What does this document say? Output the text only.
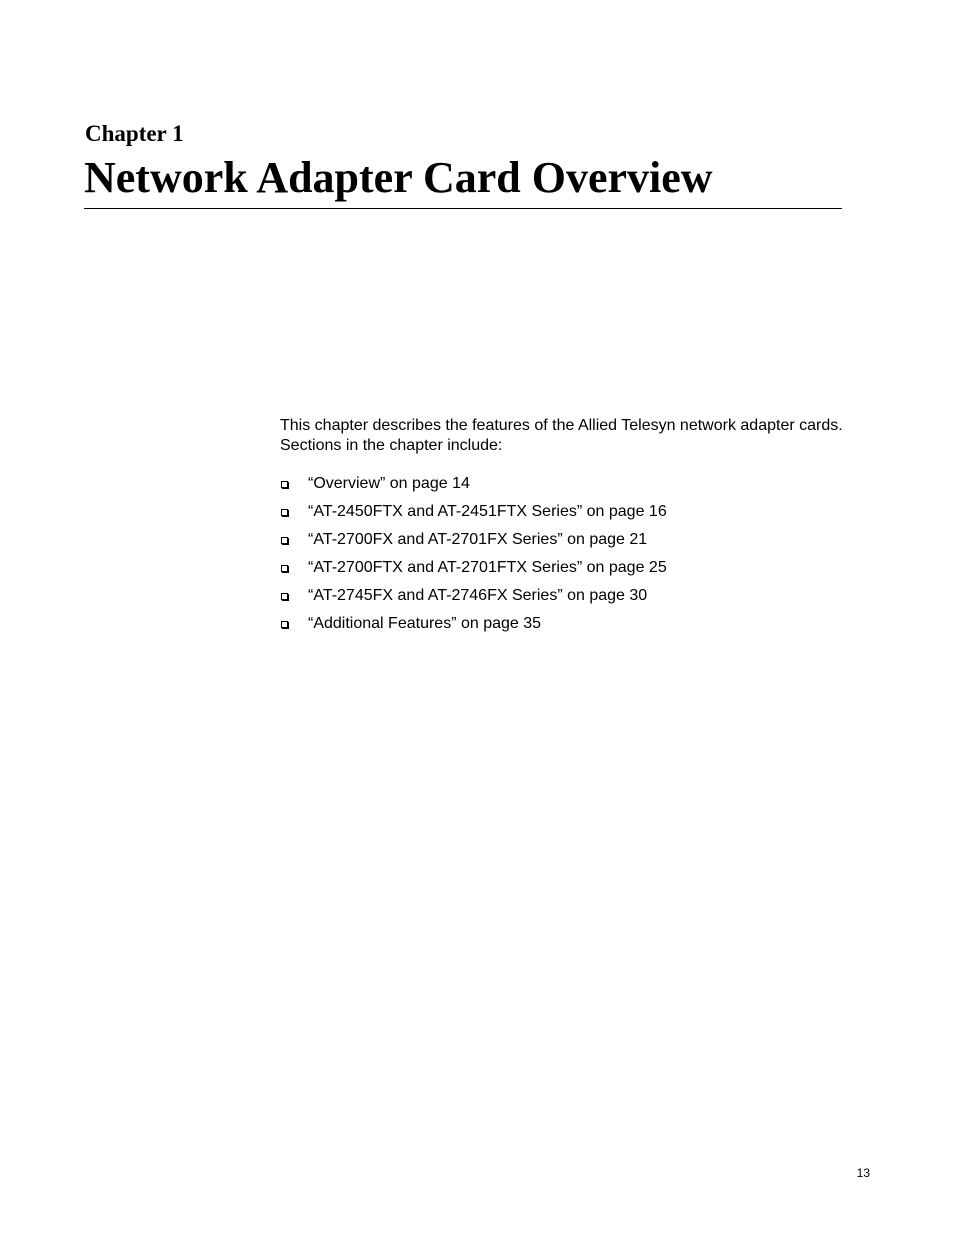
Chapter 1
Network Adapter Card Overview

This chapter describes the features of the Allied Telesyn network adapter cards. Sections in the chapter include:

“Overview” on page 14
“AT-2450FTX and AT-2451FTX Series” on page 16
“AT-2700FX and AT-2701FX Series” on page 21
“AT-2700FTX and AT-2701FTX Series” on page 25
“AT-2745FX and AT-2746FX Series” on page 30
“Additional Features” on page 35
13
